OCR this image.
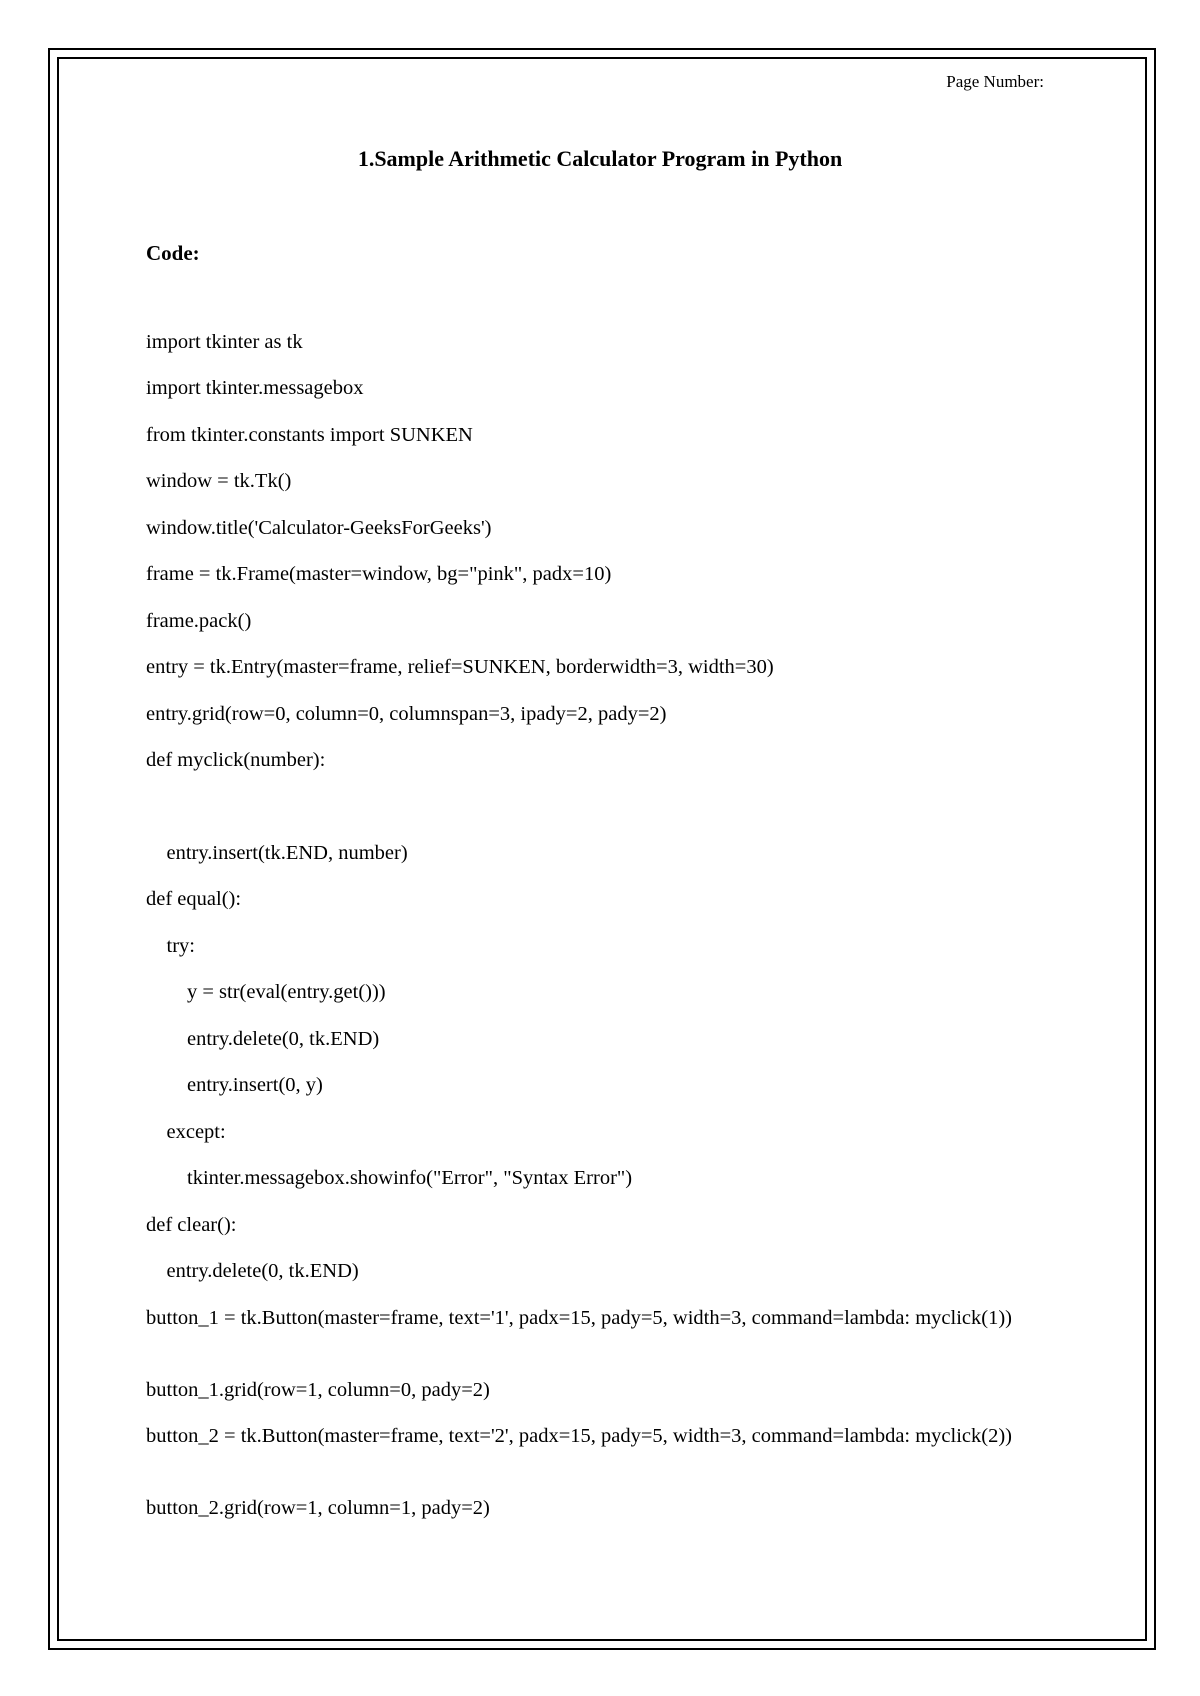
Page Number:
1.Sample Arithmetic Calculator Program in Python
Code:
import tkinter as tk
import tkinter.messagebox
from tkinter.constants import SUNKEN
window = tk.Tk()
window.title('Calculator-GeeksForGeeks')
frame = tk.Frame(master=window, bg="pink", padx=10)
frame.pack()
entry = tk.Entry(master=frame, relief=SUNKEN, borderwidth=3, width=30)
entry.grid(row=0, column=0, columnspan=3, ipady=2, pady=2)
def myclick(number):
entry.insert(tk.END, number)
def equal():
try:
y = str(eval(entry.get()))
entry.delete(0, tk.END)
entry.insert(0, y)
except:
tkinter.messagebox.showinfo("Error", "Syntax Error")
def clear():
entry.delete(0, tk.END)
button_1 = tk.Button(master=frame, text='1', padx=15, pady=5, width=3, command=lambda: myclick(1))
button_1.grid(row=1, column=0, pady=2)
button_2 = tk.Button(master=frame, text='2', padx=15, pady=5, width=3, command=lambda: myclick(2))
button_2.grid(row=1, column=1, pady=2)
